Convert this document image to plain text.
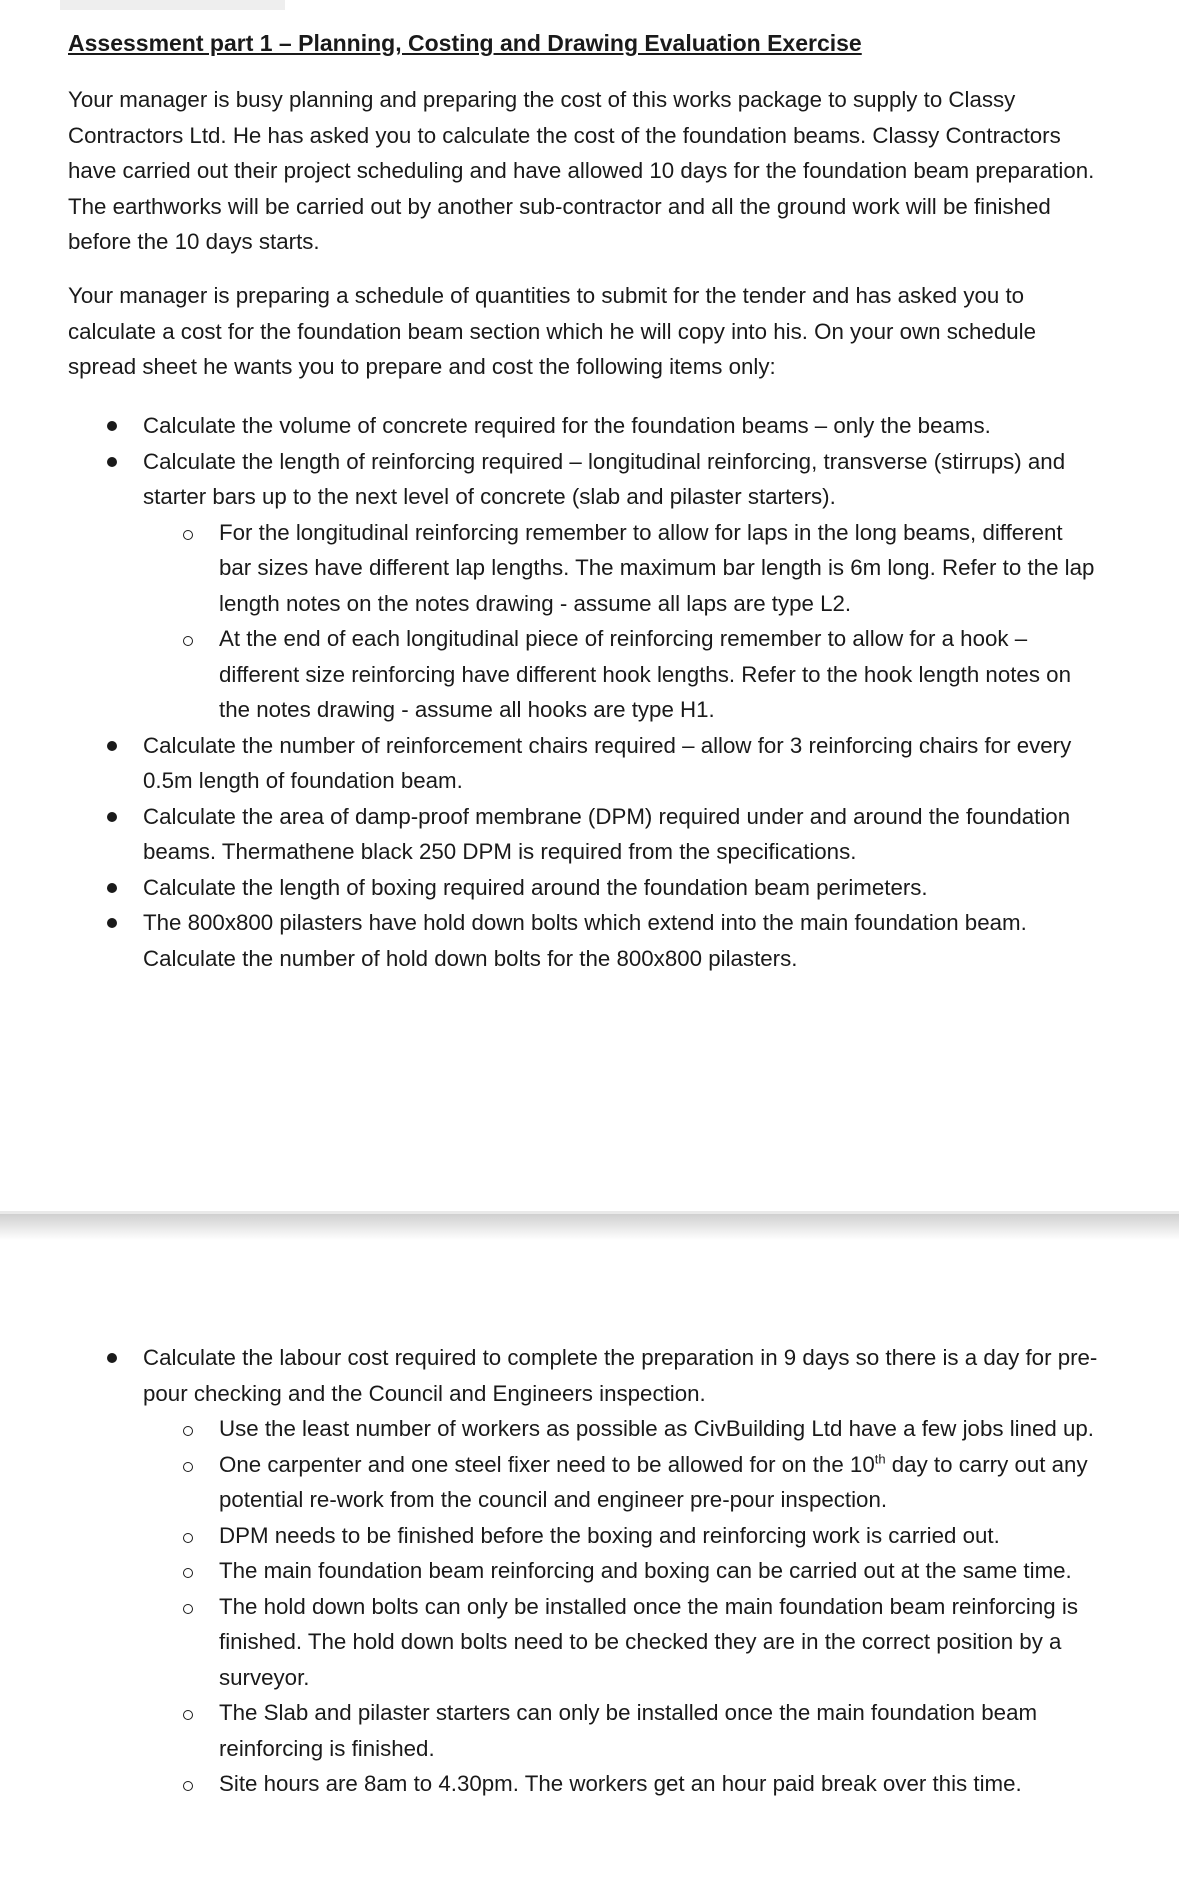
Assessment part 1 – Planning, Costing and Drawing Evaluation Exercise

Your manager is busy planning and preparing the cost of this works package to supply to Classy Contractors Ltd. He has asked you to calculate the cost of the foundation beams. Classy Contractors have carried out their project scheduling and have allowed 10 days for the foundation beam preparation. The earthworks will be carried out by another sub-contractor and all the ground work will be finished before the 10 days starts.

Your manager is preparing a schedule of quantities to submit for the tender and has asked you to calculate a cost for the foundation beam section which he will copy into his. On your own schedule spread sheet he wants you to prepare and cost the following items only:

Calculate the volume of concrete required for the foundation beams – only the beams.
Calculate the length of reinforcing required – longitudinal reinforcing, transverse (stirrups) and starter bars up to the next level of concrete (slab and pilaster starters).
For the longitudinal reinforcing remember to allow for laps in the long beams, different bar sizes have different lap lengths. The maximum bar length is 6m long. Refer to the lap length notes on the notes drawing - assume all laps are type L2.
At the end of each longitudinal piece of reinforcing remember to allow for a hook – different size reinforcing have different hook lengths. Refer to the hook length notes on the notes drawing - assume all hooks are type H1.
Calculate the number of reinforcement chairs required – allow for 3 reinforcing chairs for every 0.5m length of foundation beam.
Calculate the area of damp-proof membrane (DPM) required under and around the foundation beams. Thermathene black 250 DPM is required from the specifications.
Calculate the length of boxing required around the foundation beam perimeters.
The 800x800 pilasters have hold down bolts which extend into the main foundation beam. Calculate the number of hold down bolts for the 800x800 pilasters.
Calculate the labour cost required to complete the preparation in 9 days so there is a day for pre-pour checking and the Council and Engineers inspection.
Use the least number of workers as possible as CivBuilding Ltd have a few jobs lined up.
One carpenter and one steel fixer need to be allowed for on the 10th day to carry out any potential re-work from the council and engineer pre-pour inspection.
DPM needs to be finished before the boxing and reinforcing work is carried out.
The main foundation beam reinforcing and boxing can be carried out at the same time.
The hold down bolts can only be installed once the main foundation beam reinforcing is finished. The hold down bolts need to be checked they are in the correct position by a surveyor.
The Slab and pilaster starters can only be installed once the main foundation beam reinforcing is finished.
Site hours are 8am to 4.30pm. The workers get an hour paid break over this time.
